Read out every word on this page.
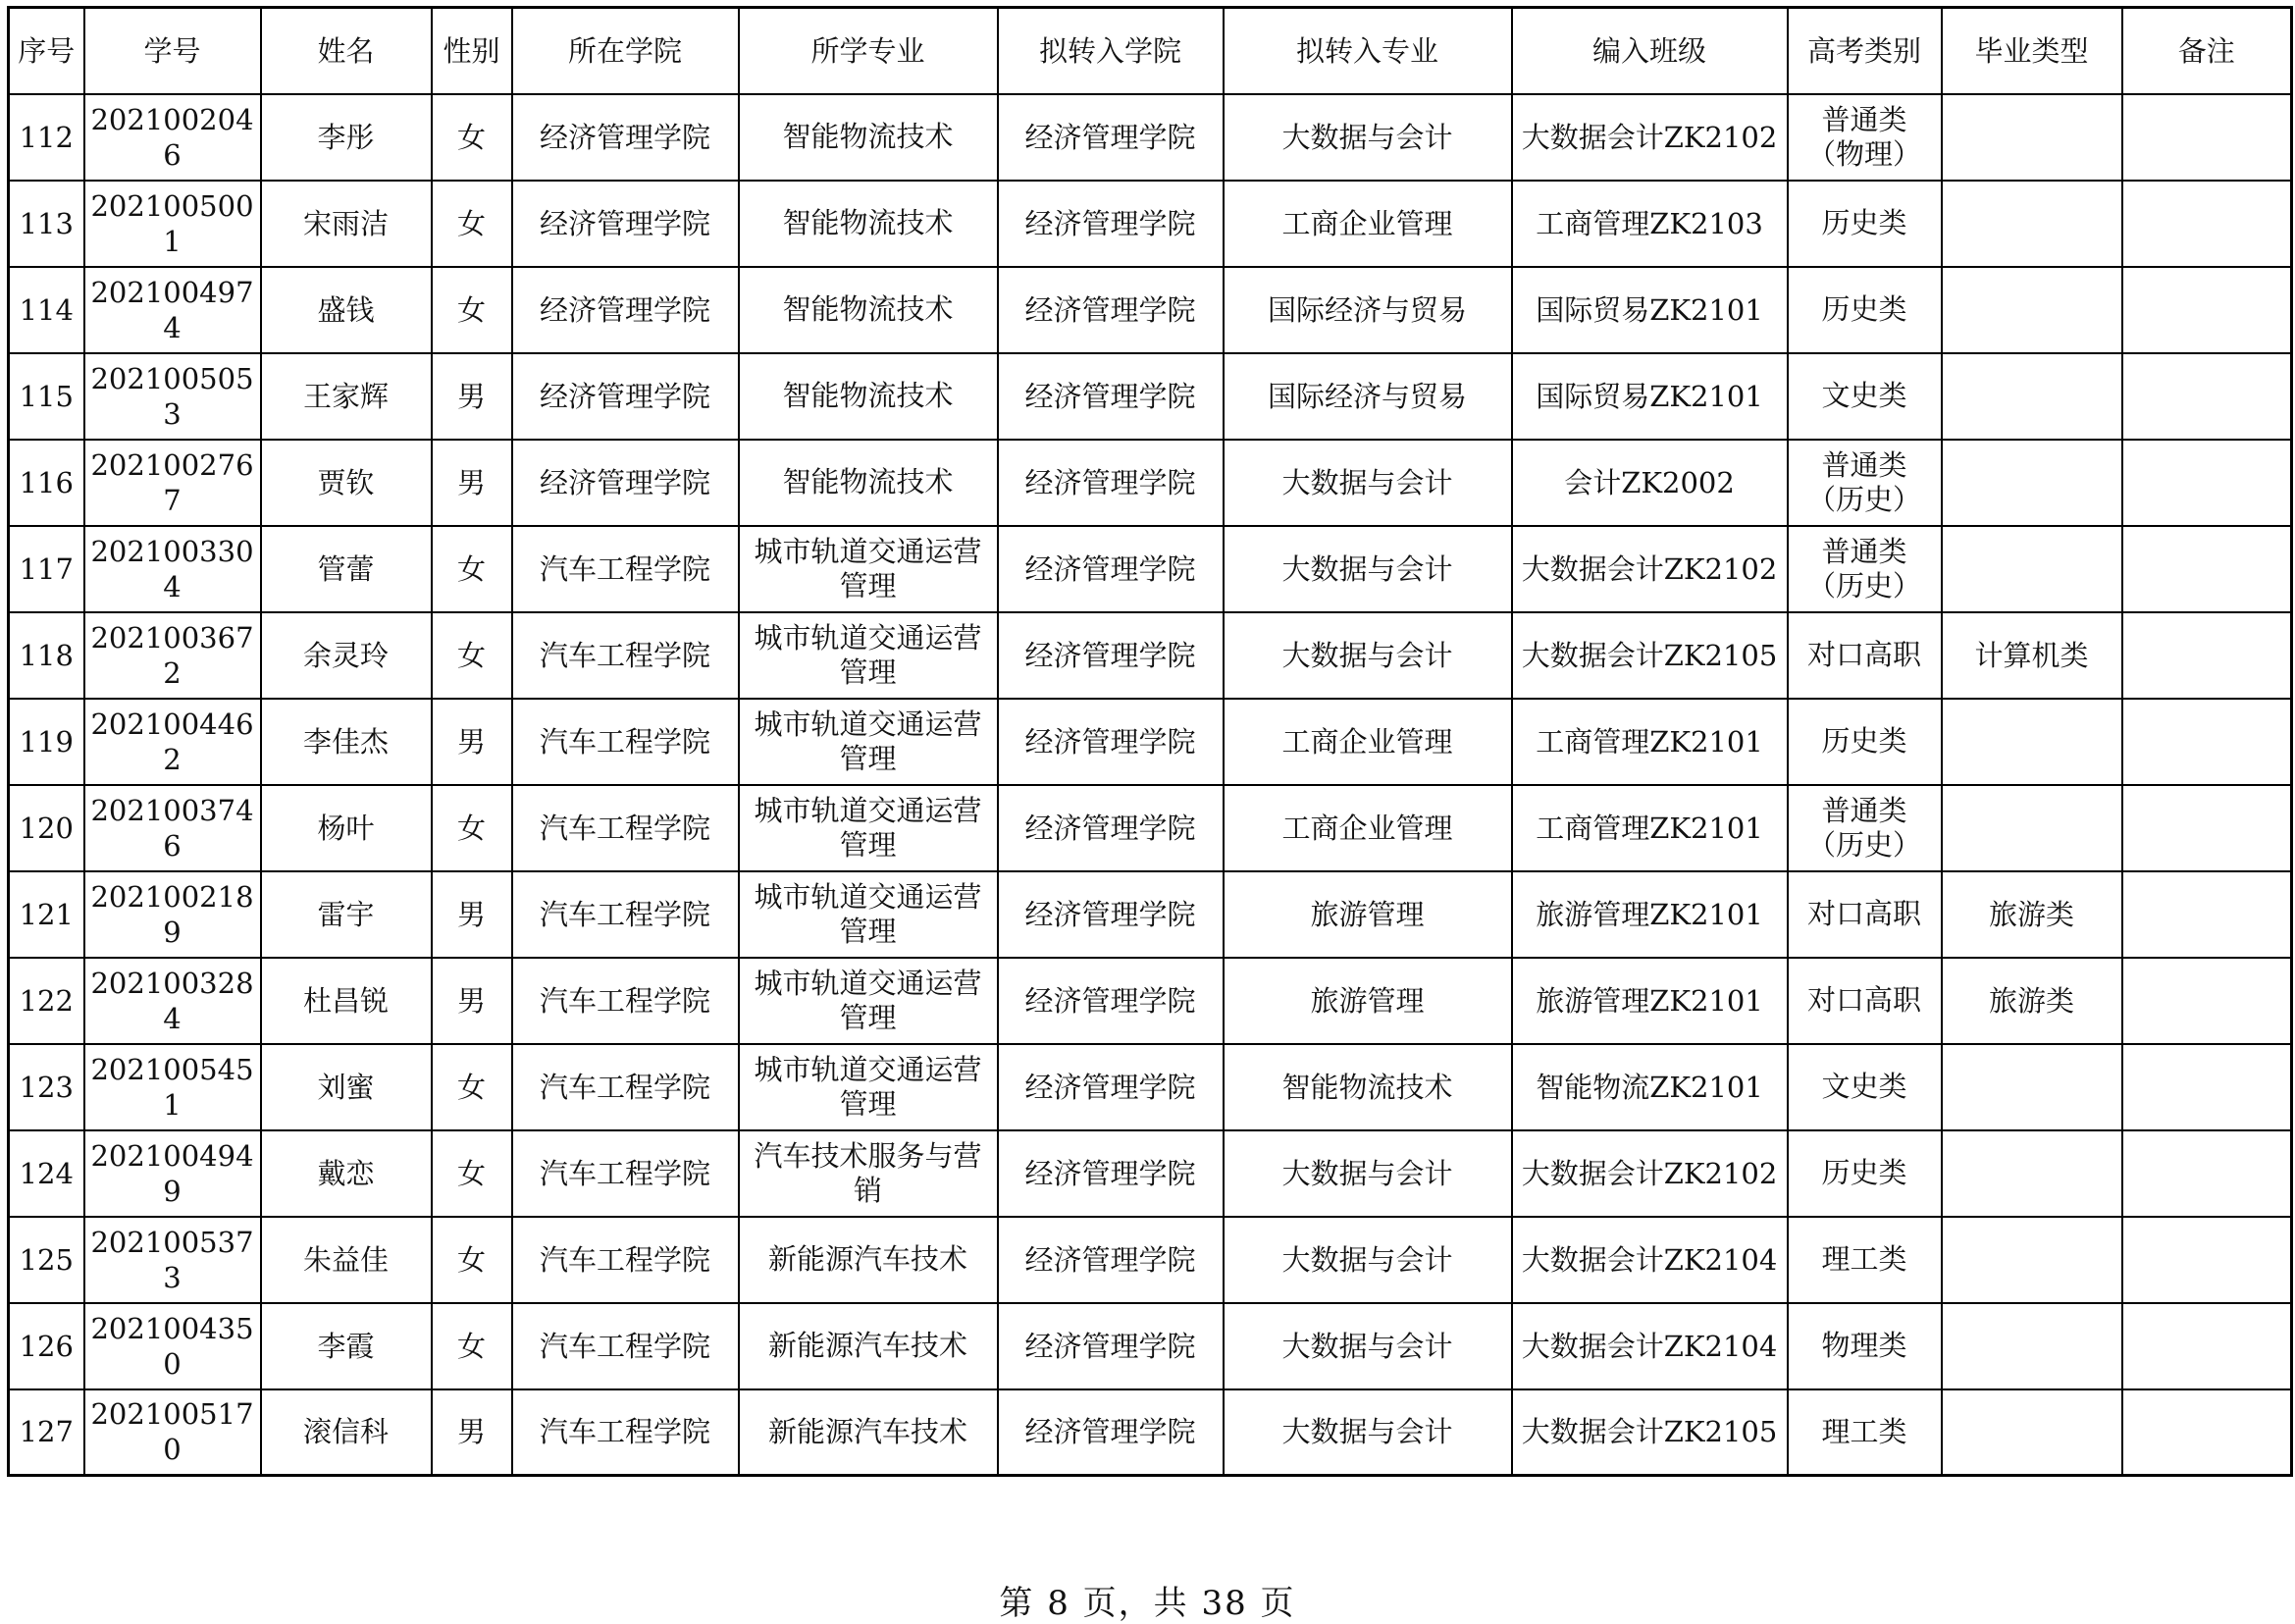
序号	学号	姓名	性别	所在学院	所学专业	拟转入学院	拟转入专业	编入班级	高考类别	毕业类型	备注
112	2021002046	李彤	女	经济管理学院	智能物流技术	经济管理学院	大数据与会计	大数据会计ZK2102	普通类（物理）		
113	2021005001	宋雨洁	女	经济管理学院	智能物流技术	经济管理学院	工商企业管理	工商管理ZK2103	历史类		
114	2021004974	盛钱	女	经济管理学院	智能物流技术	经济管理学院	国际经济与贸易	国际贸易ZK2101	历史类		
115	2021005053	王家辉	男	经济管理学院	智能物流技术	经济管理学院	国际经济与贸易	国际贸易ZK2101	文史类		
116	2021002767	贾钦	男	经济管理学院	智能物流技术	经济管理学院	大数据与会计	会计ZK2002	普通类（历史）		
117	2021003304	管蕾	女	汽车工程学院	城市轨道交通运营管理	经济管理学院	大数据与会计	大数据会计ZK2102	普通类（历史）		
118	2021003672	余灵玲	女	汽车工程学院	城市轨道交通运营管理	经济管理学院	大数据与会计	大数据会计ZK2105	对口高职	计算机类	
119	2021004462	李佳杰	男	汽车工程学院	城市轨道交通运营管理	经济管理学院	工商企业管理	工商管理ZK2101	历史类		
120	2021003746	杨叶	女	汽车工程学院	城市轨道交通运营管理	经济管理学院	工商企业管理	工商管理ZK2101	普通类（历史）		
121	2021002189	雷宇	男	汽车工程学院	城市轨道交通运营管理	经济管理学院	旅游管理	旅游管理ZK2101	对口高职	旅游类	
122	2021003284	杜昌锐	男	汽车工程学院	城市轨道交通运营管理	经济管理学院	旅游管理	旅游管理ZK2101	对口高职	旅游类	
123	2021005451	刘蜜	女	汽车工程学院	城市轨道交通运营管理	经济管理学院	智能物流技术	智能物流ZK2101	文史类		
124	2021004949	戴恋	女	汽车工程学院	汽车技术服务与营销	经济管理学院	大数据与会计	大数据会计ZK2102	历史类		
125	2021005373	朱益佳	女	汽车工程学院	新能源汽车技术	经济管理学院	大数据与会计	大数据会计ZK2104	理工类		
126	2021004350	李霞	女	汽车工程学院	新能源汽车技术	经济管理学院	大数据与会计	大数据会计ZK2104	物理类		
127	2021005170	滚信科	男	汽车工程学院	新能源汽车技术	经济管理学院	大数据与会计	大数据会计ZK2105	理工类		
第 8 页，共 38 页
